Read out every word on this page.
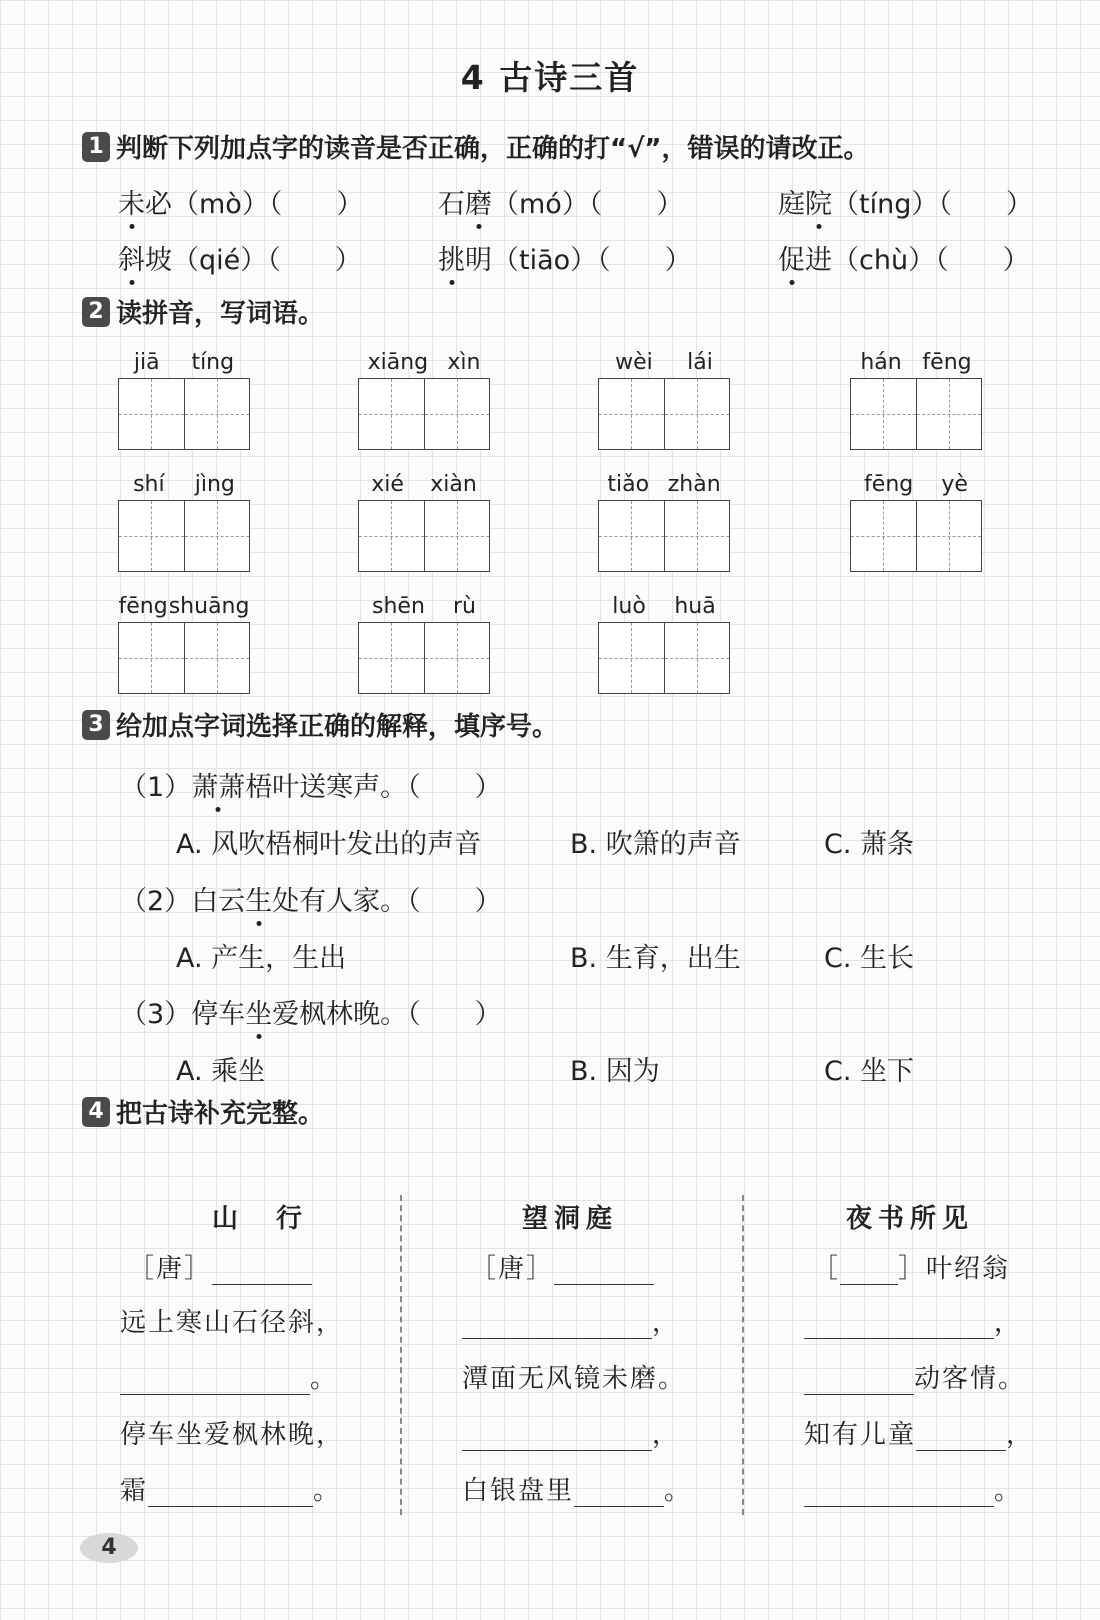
4 古诗三首
1 判断下列加点字的读音是否正确，正确的打“√”，错误的请改正。
未必（mò）（　　）	石磨（mó）（　　）	庭院（tíng）（　　）
斜坡（qié）（　　）	挑明（tiāo）（　　）	促进（chù）（　　）
2 读拼音，写词语。
jiā tíng	xiāng xìn	wèi lái	hán fēng
shí jìng	xié xiàn	tiǎo zhàn	fēng yè
fēng shuāng	shēn rù	luò huā
3 给加点字词选择正确的解释，填序号。
（1）萧萧梧叶送寒声。（　　）
A. 风吹梧桐叶发出的声音	B. 吹箫的声音	C. 萧条
（2）白云生处有人家。（　　）
A. 产生，生出	B. 生育，出生	C. 生长
（3）停车坐爱枫林晚。（　　）
A. 乘坐	B. 因为	C. 坐下
4 把古诗补充完整。
山　行
［唐］
远上寒山石径斜，
。
停车坐爱枫林晚，
霜	。
望洞庭
［唐］
，
潭面无风镜未磨。
，
白银盘里	。
夜书所见
［ ］叶绍翁
，
动客情。
知有儿童	，
。
4
